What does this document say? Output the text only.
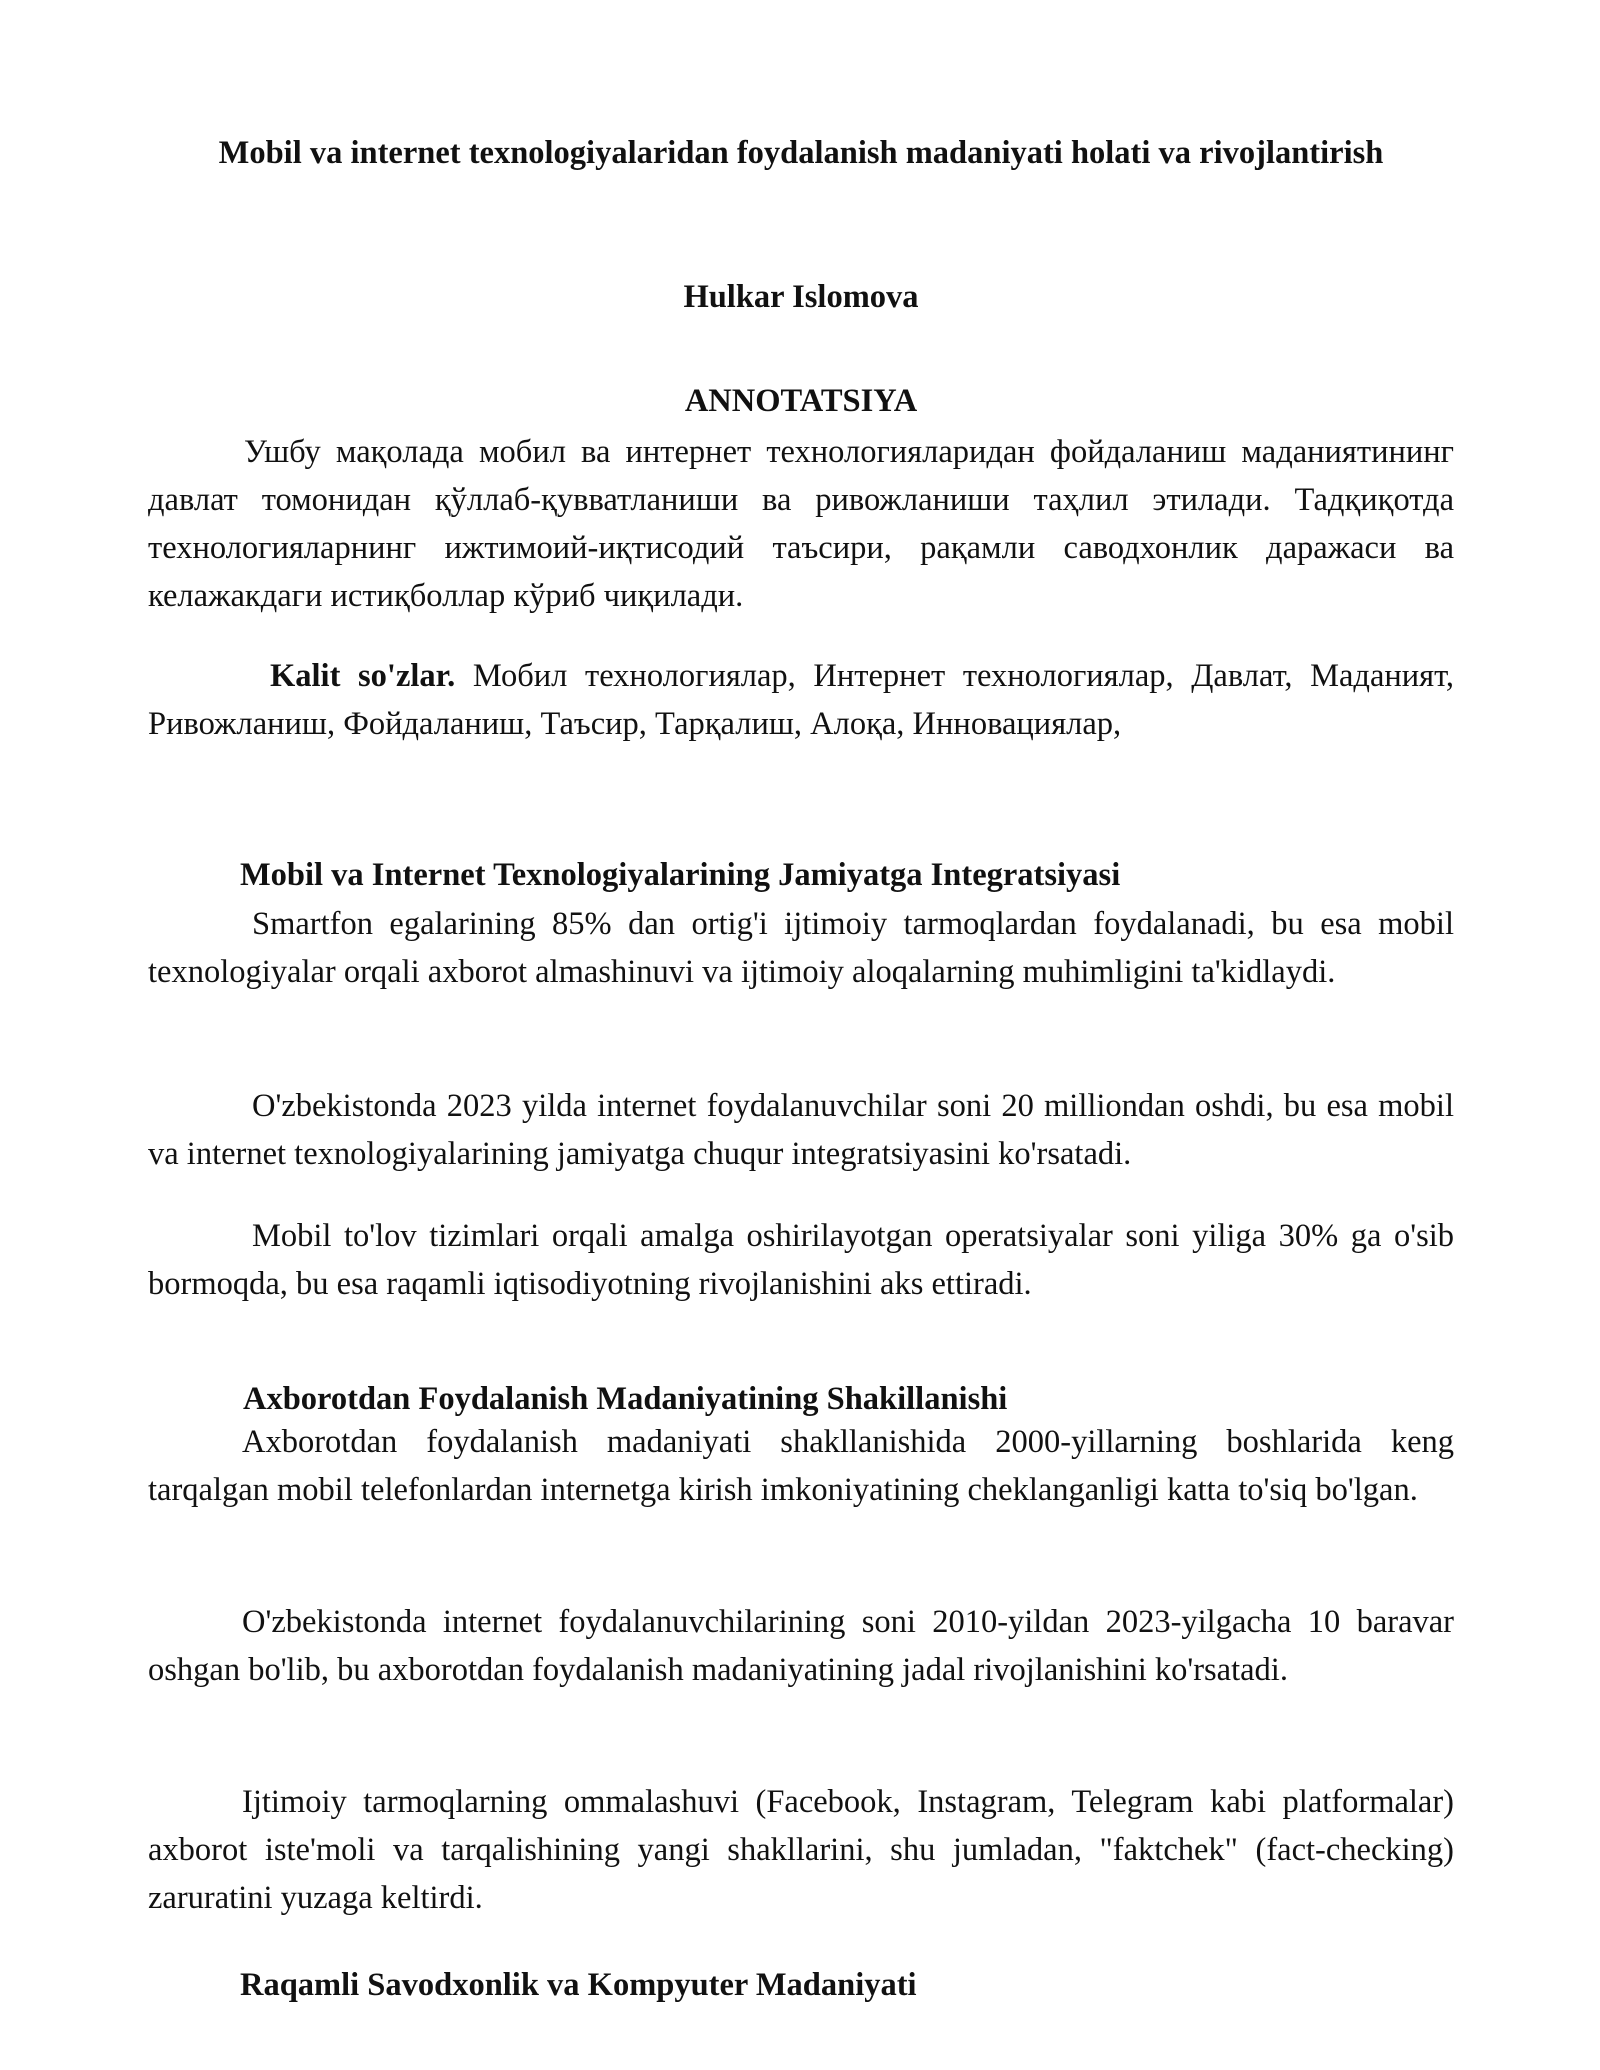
Mobil va internet texnologiyalaridan foydalanish madaniyati holati va rivojlantirish

Hulkar Islomova

ANNOTATSIYA

Ушбу мақолада мобил ва интернет технологияларидан фойдаланиш маданиятининг давлат томонидан қўллаб-қувватланиши ва ривожланиши таҳлил этилади. Тадқиқотда технологияларнинг ижтимоий-иқтисодий таъсири, рақамли саводхонлик даражаси ва келажакдаги истиқболлар кўриб чиқилади.

Kalit so'zlar. Мобил технологиялар, Интернет технологиялар, Давлат, Маданият, Ривожланиш, Фойдаланиш, Таъсир, Тарқалиш, Алоқа, Инновациялар,

Mobil va Internet Texnologiyalarining Jamiyatga Integratsiyasi

Smartfon egalarining 85% dan ortig'i ijtimoiy tarmoqlardan foydalanadi, bu esa mobil texnologiyalar orqali axborot almashinuvi va ijtimoiy aloqalarning muhimligini ta'kidlaydi.

O'zbekistonda 2023 yilda internet foydalanuvchilar soni 20 milliondan oshdi, bu esa mobil va internet texnologiyalarining jamiyatga chuqur integratsiyasini ko'rsatadi.

Mobil to'lov tizimlari orqali amalga oshirilayotgan operatsiyalar soni yiliga 30% ga o'sib bormoqda, bu esa raqamli iqtisodiyotning rivojlanishini aks ettiradi.

Axborotdan Foydalanish Madaniyatining Shakillanishi

Axborotdan foydalanish madaniyati shakllanishida 2000-yillarning boshlarida keng tarqalgan mobil telefonlardan internetga kirish imkoniyatining cheklanganligi katta to'siq bo'lgan.

O'zbekistonda internet foydalanuvchilarining soni 2010-yildan 2023-yilgacha 10 baravar oshgan bo'lib, bu axborotdan foydalanish madaniyatining jadal rivojlanishini ko'rsatadi.

Ijtimoiy tarmoqlarning ommalashuvi (Facebook, Instagram, Telegram kabi platformalar) axborot iste'moli va tarqalishining yangi shakllarini, shu jumladan, "faktchek" (fact-checking) zaruratini yuzaga keltirdi.

Raqamli Savodxonlik va Kompyuter Madaniyati
